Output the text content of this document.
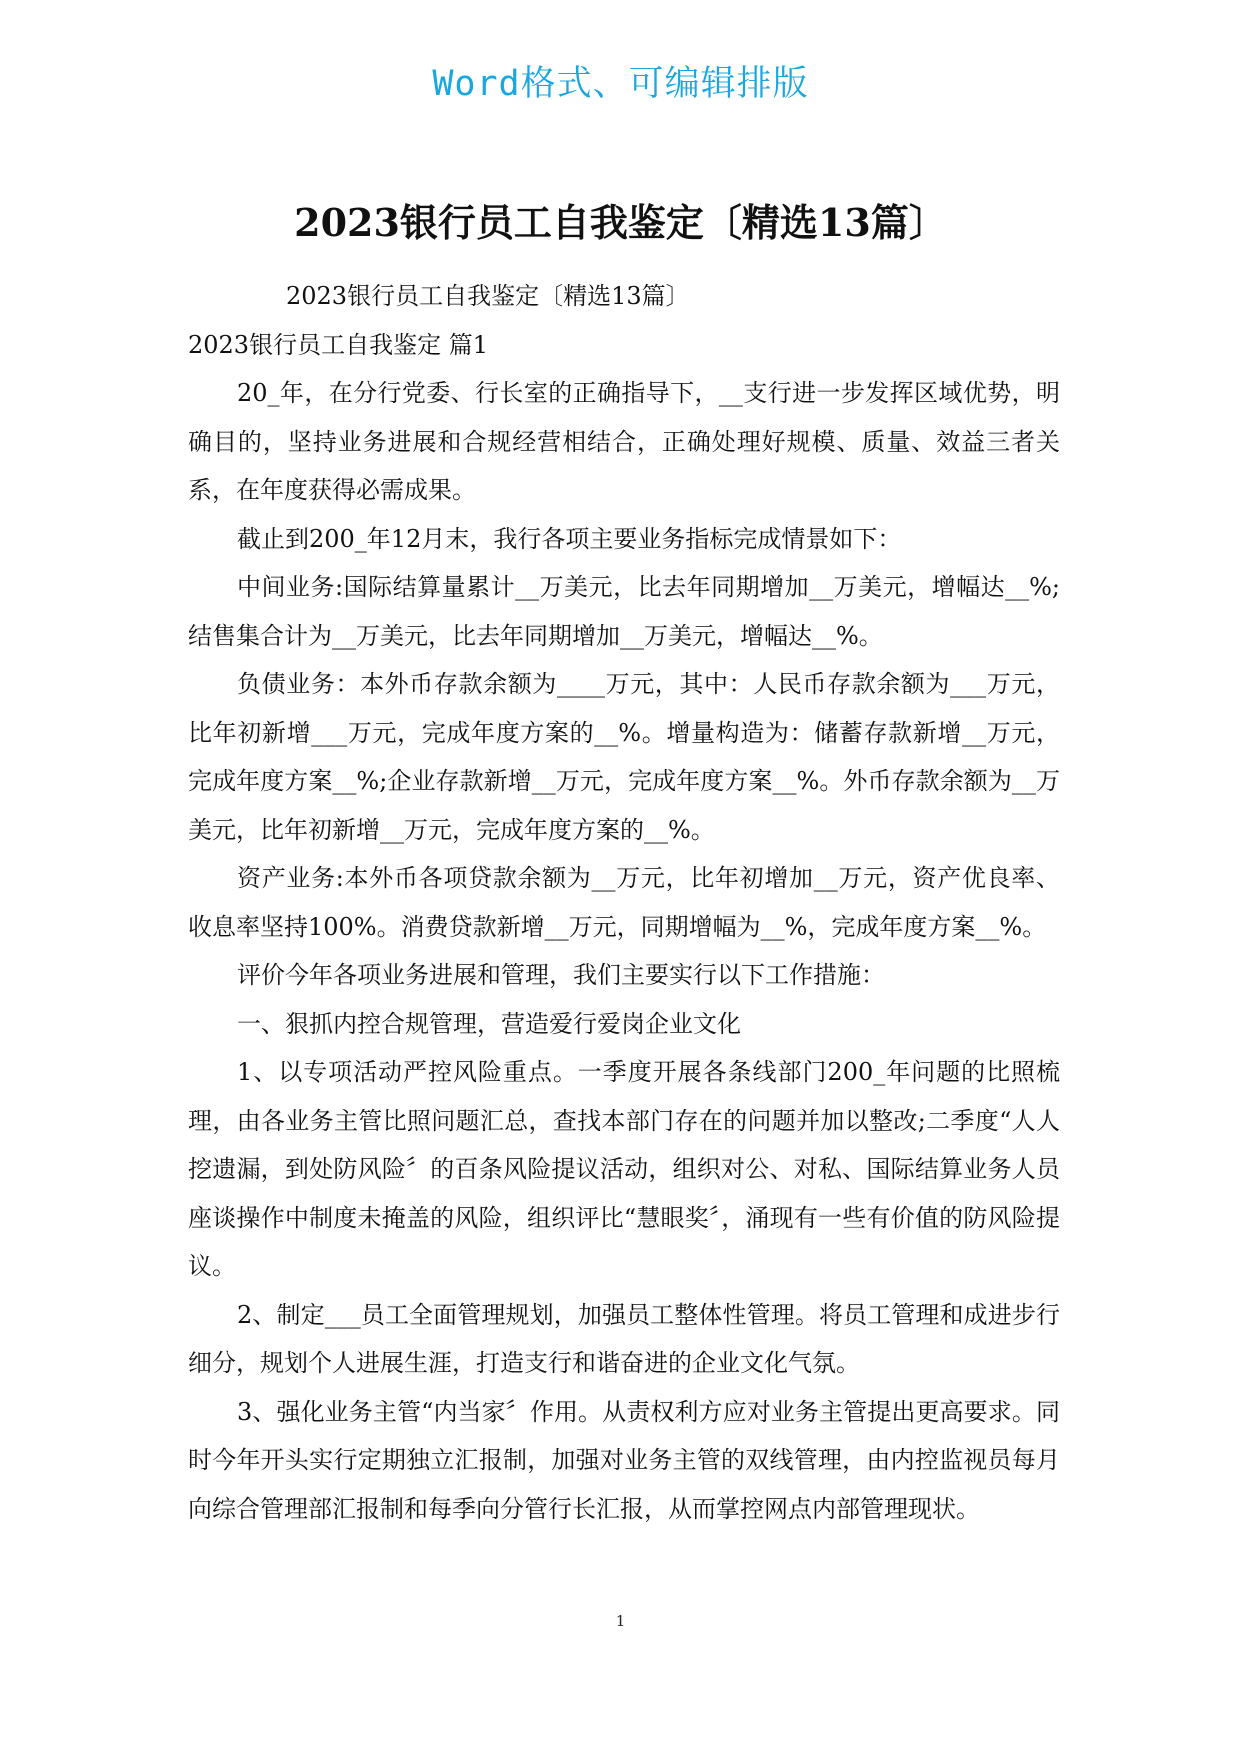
Word格式、可编辑排版
2023银行员工自我鉴定〔精选13篇〕

2023银行员工自我鉴定〔精选13篇〕

2023银行员工自我鉴定 篇1

20_年，在分行党委、行长室的正确指导下，__支行进一步发挥区域优势，明确目的，坚持业务进展和合规经营相结合，正确处理好规模、质量、效益三者关系，在年度获得必需成果。

截止到200_年12月末，我行各项主要业务指标完成情景如下：

中间业务:国际结算量累计__万美元，比去年同期增加__万美元，增幅达__%;结售集合计为__万美元，比去年同期增加__万美元，增幅达__%。

负债业务：本外币存款余额为____万元，其中：人民币存款余额为___万元，比年初新增___万元，完成年度方案的__%。增量构造为：储蓄存款新增__万元，完成年度方案__%;企业存款新增__万元，完成年度方案__%。外币存款余额为__万美元，比年初新增__万元，完成年度方案的__%。

资产业务:本外币各项贷款余额为__万元，比年初增加__万元，资产优良率、收息率坚持100%。消费贷款新增__万元，同期增幅为__%，完成年度方案__%。

评价今年各项业务进展和管理，我们主要实行以下工作措施：

一、狠抓内控合规管理，营造爱行爱岗企业文化

1、以专项活动严控风险重点。一季度开展各条线部门200_年问题的比照梳理，由各业务主管比照问题汇总，查找本部门存在的问题并加以整改;二季度“人人挖遗漏，到处防风险〞的百条风险提议活动，组织对公、对私、国际结算业务人员座谈操作中制度未掩盖的风险，组织评比“慧眼奖〞，涌现有一些有价值的防风险提议。

2、制定___员工全面管理规划，加强员工整体性管理。将员工管理和成进步行细分，规划个人进展生涯，打造支行和谐奋进的企业文化气氛。

3、强化业务主管“内当家〞作用。从责权利方应对业务主管提出更高要求。同时今年开头实行定期独立汇报制，加强对业务主管的双线管理，由内控监视员每月向综合管理部汇报制和每季向分管行长汇报，从而掌控网点内部管理现状。

1
